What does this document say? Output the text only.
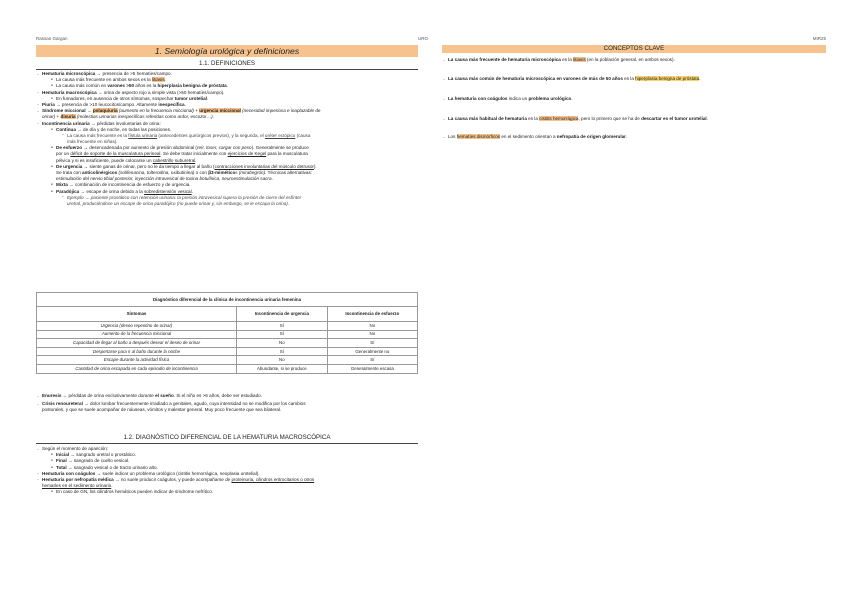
Rassan Gargan
1. Semiología urológica y definiciones
1.1. DEFINICIONES
· Hematuria microscópica → presencia de >5 hematíes/campo.
● La causa más frecuente en ambos sexos es la litiasis.
● La causa más común en varones >50 años es la hiperplasia benigna de próstata.
· Hematuria macroscópica → orina de aspecto rojo a simple vista (>50 hematíes/campo).
● En fumadores, en ausencia de otros síntomas, sospechar tumor urotelial.
· Piuria → presencia de >10 leucocitos/campo. Altamente inespecífica.
· Síndrome miccional → polaquiuria (aumento en la frecuencia miccional) + urgencia miccional (necesidad imperiosa e inaplazable de
orinar) + disuria (molestias urinarias inespecíficas referidas como ardor, escozor…).
· Incontinencia urinaria → pérdidas involuntarias de orina:
● Continua → de día y de noche, en todas las posiciones.
◦ La causa más frecuente es la fístula urinaria (antecedentes quirúrgicos previos), y la segunda, el uréter ectópico (causa
más frecuente en niñas).
● De esfuerzo → desencadenada por aumento de presión abdominal (reír, toser, cargar con peso). Generalmente se produce
por un déficit de soporte de la musculatura perineal. Se debe tratar inicialmente con ejercicios de Kegel para la musculatura
pélvica y si es insuficiente, puede colocarse un cabestrillo suburetral.
● De urgencia → siente ganas de orinar, pero no le da tiempo a llegar al baño (contracciones involuntarias del músculo detrusor).
Se trata con anticolinérgicos (solifenacina, tolterodina, oxibutinina) o con β3-miméticos (mirabegrón). Técnicas alternativas:
estimulación del nervio tibial posterior, inyección intravesical de toxina botulínica, neuroestimulación sacra.
● Mixta → combinación de incontinencia de esfuerzo y de urgencia.
● Paradójica → escape de orina debido a la sobredistensión vesical.
◦ Ejemplo → paciente prostático con retención urinaria: la presión intravesical supera la presión de cierre del esfínter
uretral, produciéndose un escape de orina paradójico (no puede orinar y, sin embargo, se le escapa la orina).
Diagnóstico diferencial de la clínica de incontinencia urinaria femenina		
Síntomas	Incontinencia de urgencia	Incontinencia de esfuerzo
Urgencia (deseo repentino de orinar)	Sí	No
Aumento de la frecuencia miccional	Sí	No
Capacidad de llegar al baño a después desear el deseo de orinar	No	Sí
Despertarse para ir al baño durante la noche	Sí	Generalmente no
Escape durante la actividad física	No	Sí
Cantidad de orina escapada en cada episodio de incontinencia	Abundante, si se produce	Generalmente escasa
· Enuresis → pérdidas de orina exclusivamente durante el sueño. Si el niño es >6 años, debe ser estudiado.
· Crisis renoureteral → dolor lumbar frecuentemente irradiado a genitales, agudo, cuya intensidad no se modifica por los cambios
posturales, y que se suele acompañar de náuseas, vómitos y malestar general. Muy poco frecuente que sea bilateral.
1.2. DIAGNÓSTICO DIFERENCIAL DE LA HEMATURIA MACROSCÓPICA
· Según el momento de aparición:
● Inicial → sangrado uretral o prostático.
● Final → sangrado de cuello vesical.
● Total → sangrado vesical o de tracto urinario alto.
· Hematuria con coágulos → suele indicar un problema urológico (cistitis hemorrágica, neoplasia urotelial).
· Hematuria por nefropatía médica → no suele producir coágulos, y puede acompañarse de proteinuria, cilindros eritrocitarios o otros
hematíes en el sedimento urinario.
● En caso de GN, los cilindros hemáticos pueden indicar de síndrome nefrítico.
URO	MIR25
CONCEPTOS CLAVE
· La causa más frecuente de hematuria microscópica es la litiasis (en la población general, en ambos sexos).
· La causa más común de hematuria microscópica en varones de más de 50 años es la hiperplasia benigna de próstata.
· La hematuria con coágulos indica un problema urológico.
· La causa más habitual de hematuria es la cistitis hemorrágica, pero lo primero que se ha de descartar es el tumor urotelial.
· Los hematíes dismórficos en el sedimento orientan a nefropatía de origen glomerular.
